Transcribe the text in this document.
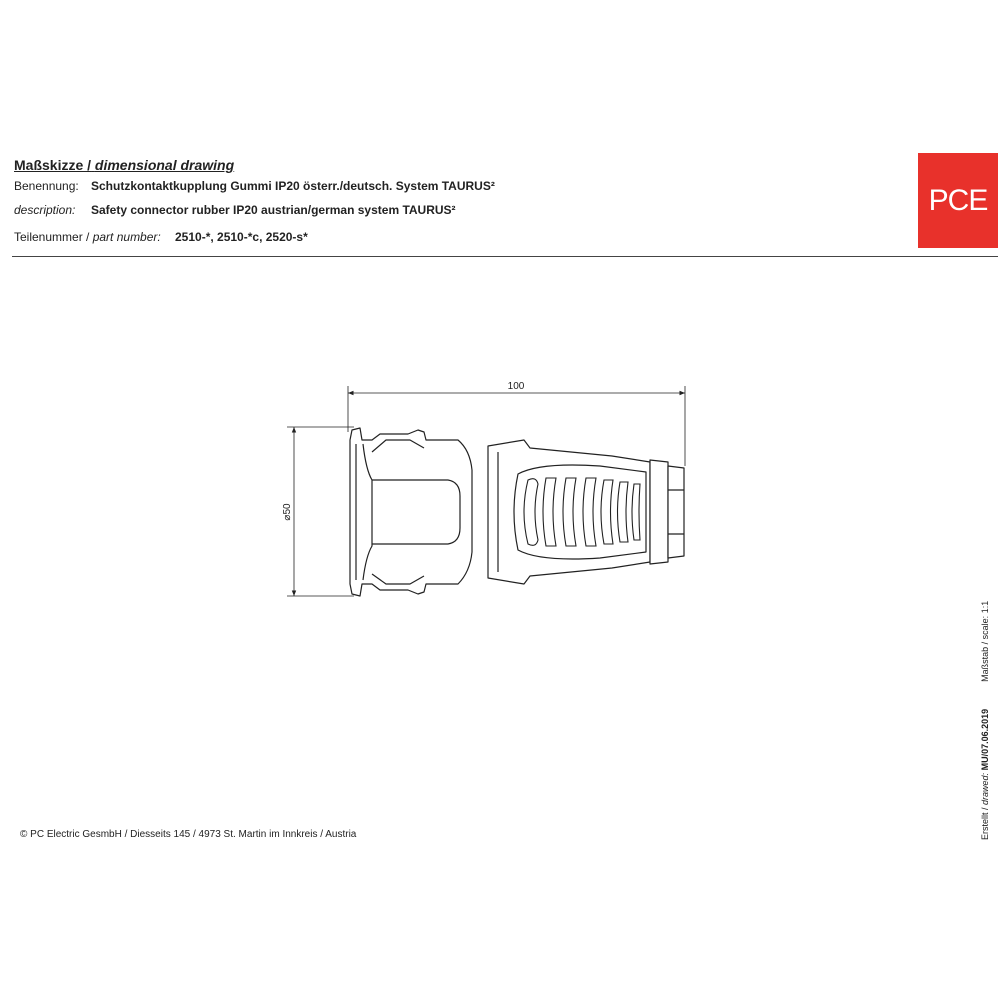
Maßskizze / dimensional drawing
Benennung: Schutzkontaktkupplung Gummi IP20 österr./deutsch. System TAURUS²
description: Safety connector rubber IP20 austrian/german system TAURUS²
Teilenummer / part number: 2510-*, 2510-*c, 2520-s*
PCE
100
⌀50
© PC Electric GesmbH / Diesseits 145 / 4973 St. Martin im Innkreis / Austria	Erstellt / drawed: MU/07.06.2019  Maßstab / scale: 1:1
